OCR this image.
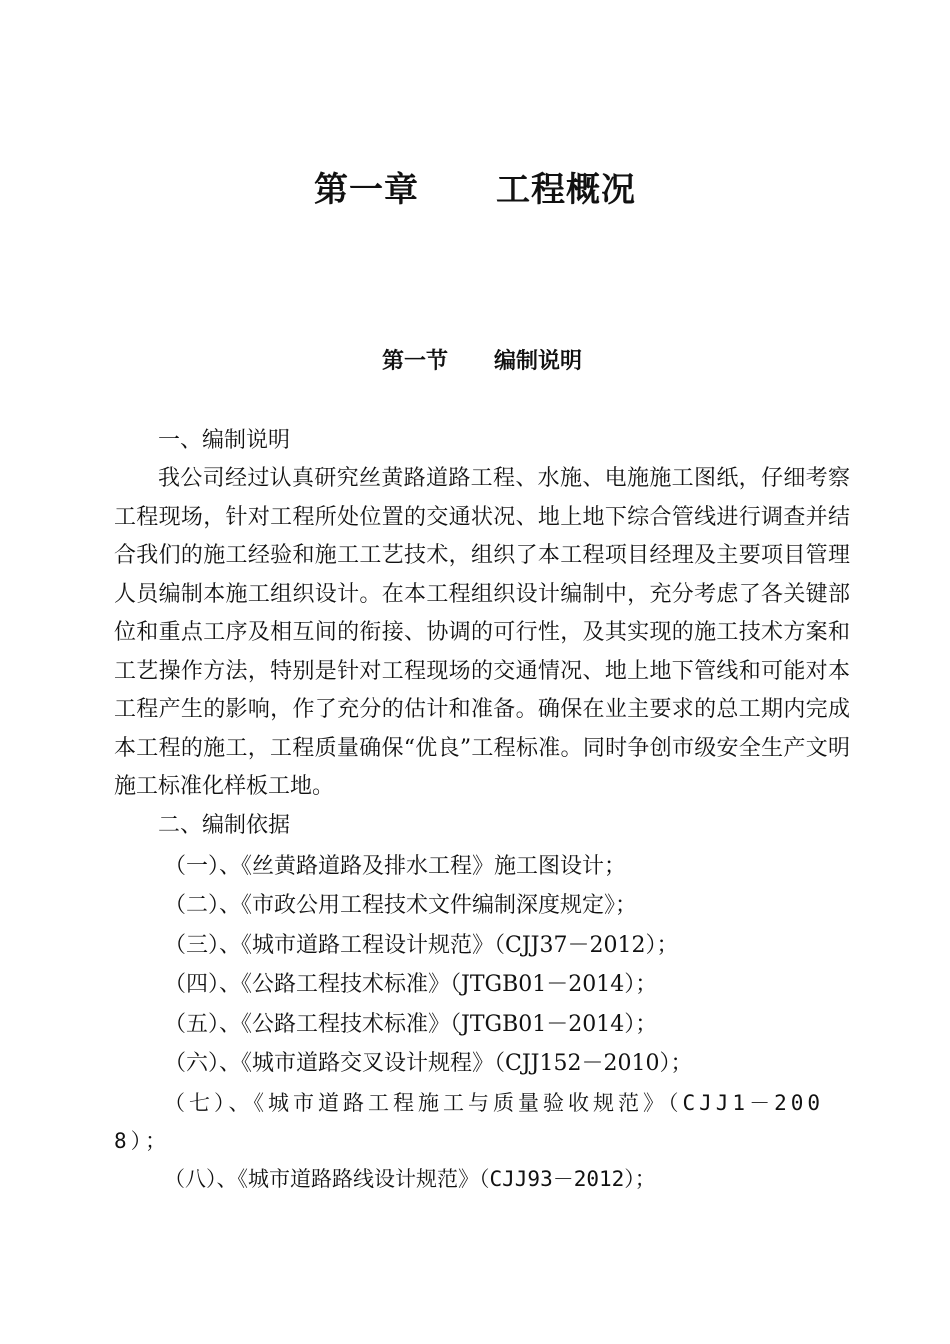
第一章      工程概况
第一节      编制说明
一、编制说明
我公司经过认真研究丝黄路道路工程、水施、电施施工图纸，仔细考察工程现场，针对工程所处位置的交通状况、地上地下综合管线进行调查并结合我们的施工经验和施工工艺技术，组织了本工程项目经理及主要项目管理人员编制本施工组织设计。在本工程组织设计编制中，充分考虑了各关键部位和重点工序及相互间的衔接、协调的可行性，及其实现的施工技术方案和工艺操作方法，特别是针对工程现场的交通情况、地上地下管线和可能对本工程产生的影响，作了充分的估计和准备。确保在业主要求的总工期内完成本工程的施工，工程质量确保“优良”工程标准。同时争创市级安全生产文明施工标准化样板工地。
二、编制依据
（一）、《丝黄路道路及排水工程》施工图设计；
（二）、《市政公用工程技术文件编制深度规定》；
（三）、《城市道路工程设计规范》（CJJ37－2012）；
（四）、《公路工程技术标准》（JTGB01－2014）；
（五）、《公路工程技术标准》（JTGB01－2014）；
（六）、《城市道路交叉设计规程》（CJJ152－2010）；
（七）、《城市道路工程施工与质量验收规范》（CJJ1－2008）；
（八）、《城市道路路线设计规范》（CJJ93－2012）；
